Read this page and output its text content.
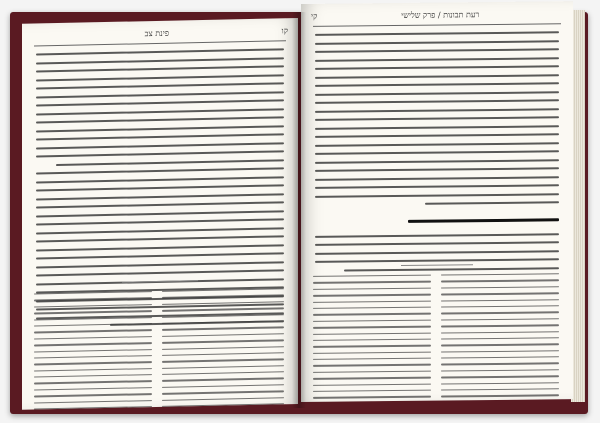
קו
פינת צב
רעת תבונות / פרק שלישי
קי
